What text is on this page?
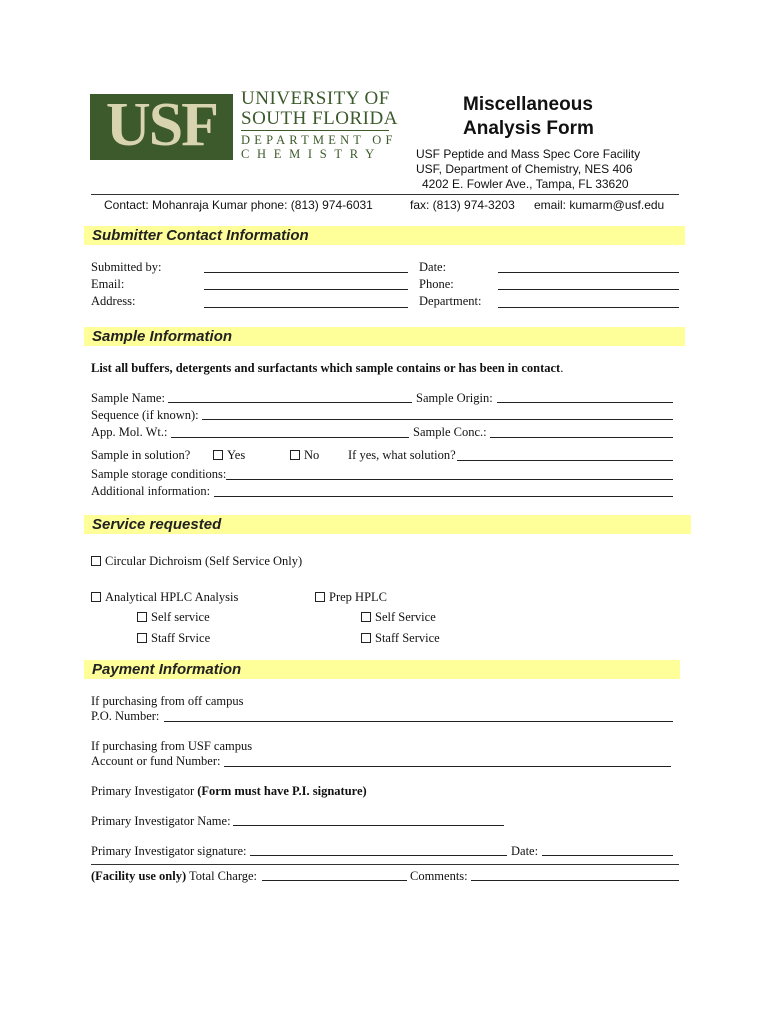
USF	UNIVERSITY OF
SOUTH FLORIDA
DEPARTMENT OF
CHEMISTRY
Miscellaneous
Analysis Form
USF Peptide and Mass Spec Core Facility
USF, Department of Chemistry, NES 406
4202 E. Fowler Ave., Tampa, FL 33620
Contact: Mohanraja Kumar phone: (813) 974-6031	fax: (813) 974-3203 email: kumarm@usf.edu
Submitter Contact Information
Submitted by:	Date:
Email:	Phone:
Address:	Department:
Sample Information
List all buffers, detergents and surfactants which sample contains or has been in contact.
Sample Name:	Sample Origin:
Sequence (if known):
App. Mol. Wt.:	Sample Conc.:
Sample in solution?	Yes	No If yes, what solution?
Sample storage conditions:
Additional information:
Service requested
Circular Dichroism (Self Service Only)
Analytical HPLC Analysis	Prep HPLC
Self service	Self Service
Staff Srvice	Staff Service
Payment Information
If purchasing from off campus
P.O. Number:
If purchasing from USF campus
Account or fund Number:
Primary Investigator (Form must have P.I. signature)
Primary Investigator Name:
Primary Investigator signature:	Date:
(Facility use only) Total Charge:	Comments:
